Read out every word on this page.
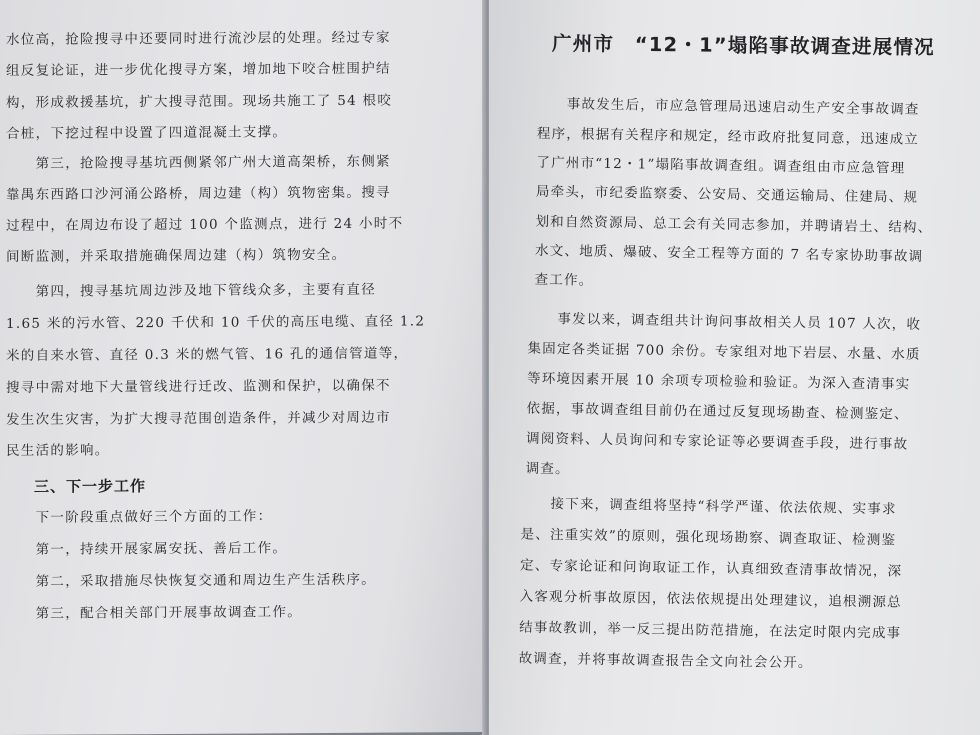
水位高，抢险搜寻中还要同时进行流沙层的处理。经过专家
组反复论证，进一步优化搜寻方案，增加地下咬合桩围护结
构，形成救援基坑，扩大搜寻范围。现场共施工了 54 根咬
合桩，下挖过程中设置了四道混凝土支撑。
　　第三，抢险搜寻基坑西侧紧邻广州大道高架桥，东侧紧
靠禺东西路口沙河涌公路桥，周边建（构）筑物密集。搜寻
过程中，在周边布设了超过 100 个监测点，进行 24 小时不
间断监测，并采取措施确保周边建（构）筑物安全。
　　第四，搜寻基坑周边涉及地下管线众多，主要有直径
1.65 米的污水管、220 千伏和 10 千伏的高压电缆、直径 1.2
米的自来水管、直径 0.3 米的燃气管、16 孔的通信管道等，
搜寻中需对地下大量管线进行迁改、监测和保护，以确保不
发生次生灾害，为扩大搜寻范围创造条件，并减少对周边市
民生活的影响。
三、下一步工作
　　下一阶段重点做好三个方面的工作：
　　第一，持续开展家属安抚、善后工作。
　　第二，采取措施尽快恢复交通和周边生产生活秩序。
　　第三，配合相关部门开展事故调查工作。
广州市　“12・1”塌陷事故调查进展情况
　　事故发生后，市应急管理局迅速启动生产安全事故调查
程序，根据有关程序和规定，经市政府批复同意，迅速成立
了广州市“12・1”塌陷事故调查组。调查组由市应急管理
局牵头，市纪委监察委、公安局、交通运输局、住建局、规
划和自然资源局、总工会有关同志参加，并聘请岩土、结构、
水文、地质、爆破、安全工程等方面的 7 名专家协助事故调
查工作。
　　事发以来，调查组共计询问事故相关人员 107 人次，收
集固定各类证据 700 余份。专家组对地下岩层、水量、水质
等环境因素开展 10 余项专项检验和验证。为深入查清事实
依据，事故调查组目前仍在通过反复现场勘查、检测鉴定、
调阅资料、人员询问和专家论证等必要调查手段，进行事故
调查。
　　接下来，调查组将坚持“科学严谨、依法依规、实事求
是、注重实效”的原则，强化现场勘察、调查取证、检测鉴
定、专家论证和问询取证工作，认真细致查清事故情况，深
入客观分析事故原因，依法依规提出处理建议，追根溯源总
结事故教训，举一反三提出防范措施，在法定时限内完成事
故调查，并将事故调查报告全文向社会公开。
